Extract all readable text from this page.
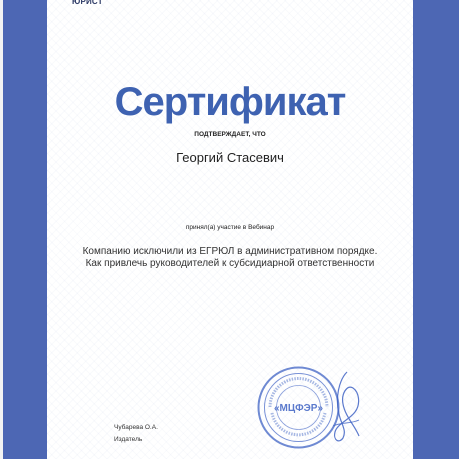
ЮРИСТ
Сертификат
ПОДТВЕРЖДАЕТ, ЧТО
Георгий Стасевич
принял(а) участие в Вебинар
Компанию исключили из ЕГРЮЛ в административном порядке. Как привлечь руководителей к субсидиарной ответственности
Чубарева О.А.
Издатель
«МЦФЭР»
